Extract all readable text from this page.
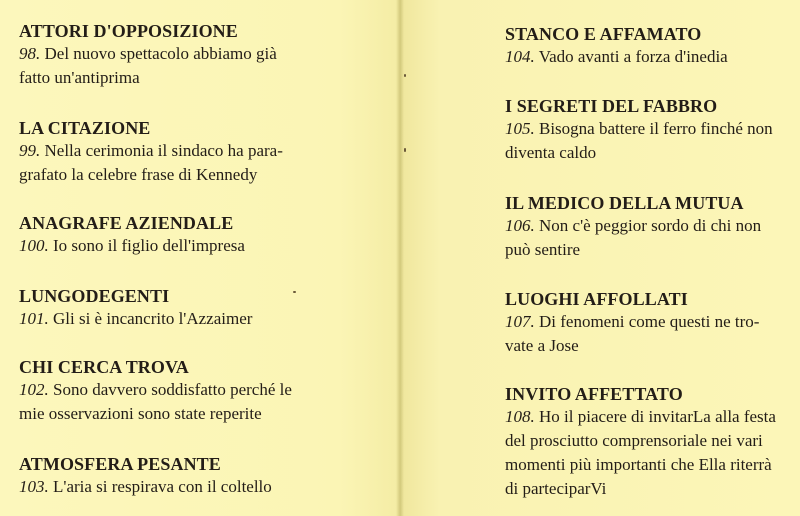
ATTORI D'OPPOSIZIONE
98. Del nuovo spettacolo abbiamo già
fatto un'antiprima
LA CITAZIONE
99. Nella cerimonia il sindaco ha para-
grafato la celebre frase di Kennedy
ANAGRAFE AZIENDALE
100. Io sono il figlio dell'impresa
LUNGODEGENTI
101. Gli si è incancrito l'Azzaimer
CHI CERCA TROVA
102. Sono davvero soddisfatto perché le
mie osservazioni sono state reperite
ATMOSFERA PESANTE
103. L'aria si respirava con il coltello
STANCO E AFFAMATO
104. Vado avanti a forza d'inedia
I SEGRETI DEL FABBRO
105. Bisogna battere il ferro finché non
diventa caldo
IL MEDICO DELLA MUTUA
106. Non c'è peggior sordo di chi non
può sentire
LUOGHI AFFOLLATI
107. Di fenomeni come questi ne tro-
vate a Jose
INVITO AFFETTATO
108. Ho il piacere di invitarLa alla festa
del prosciutto comprensoriale nei vari
momenti più importanti che Ella riterrà
di parteciparVi
